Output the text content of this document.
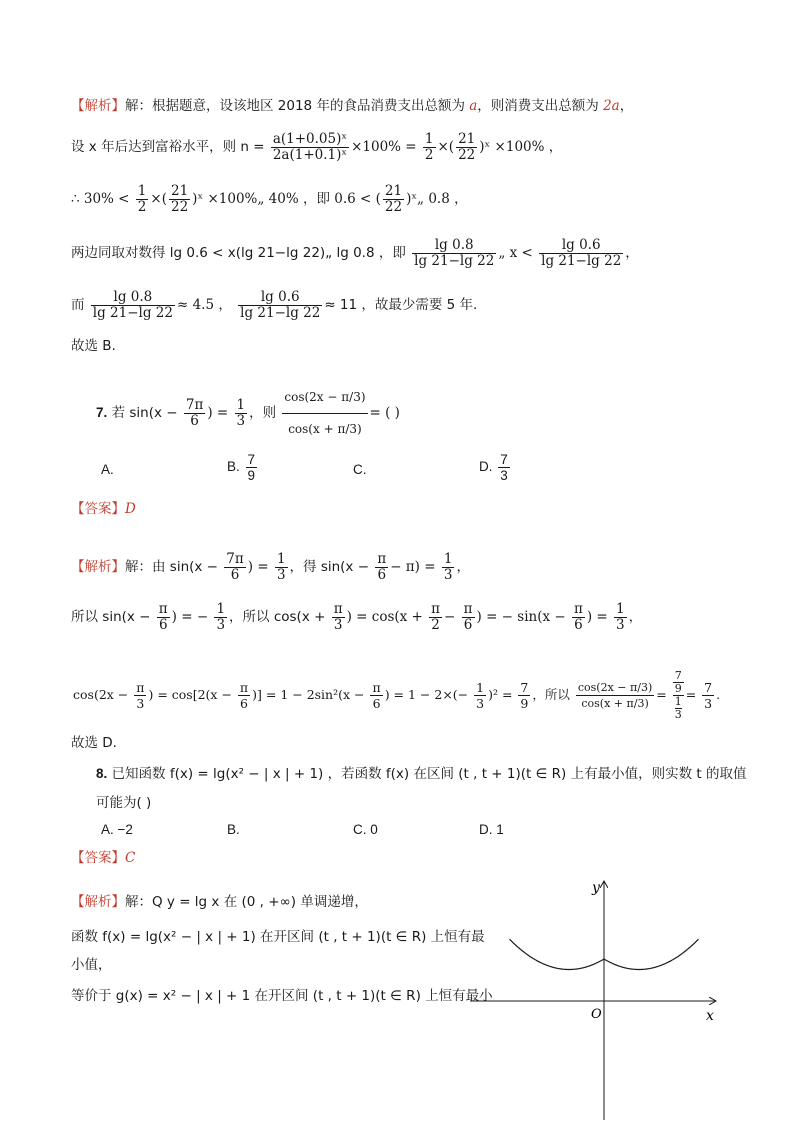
【解析】解：根据题意，设该地区 2018 年的食品消费支出总额为 a，则消费支出总额为 2a，
设 x 年后达到富裕水平，则 $n = \frac{\text{a(1+0.05)ˣ}}{\text{2a(1+0.1)ˣ}} \times 100\% = \frac{1}{2}$ ×( $\frac{21}{22}$ )ˣ ×100% ，
∴ $30\% < \frac{1}{2}$ ×( $\frac{21}{22}$ )ˣ ×100%„ 40% ，即 0.6 < ( $\frac{21}{22}$ )ˣ„ 0.8 ，
两边同取对数得 lg 0.6 < x(lg 21−lg 22)„ lg 0.8 ，即 $\frac{\lg 0.8}{\lg 21-\lg 22}$ „ $x < \frac{\lg 0.6}{\lg 21-\lg 22}$ ，
而 $\frac{\lg 0.8}{\lg 21-\lg 22} \approx 4.5$ ， $\frac{\lg 0.6}{\lg 21-\lg 22} \approx 11$ ，故最少需要 5 年.
故选 B.
7. 若 $\sin(x - \frac{7\pi}{6}$ ) = $\frac{1}{3}$ ，则 $\frac{\cos(2x - \pi/3)}{\cos(x + \pi/3)}$ = ( )
A.	B. $\frac{7}{9}$	C.	D. $\frac{7}{3}$
【答案】D
【解析】解：由 $\sin(x - \frac{7\pi}{6}$ ) = $\frac{1}{3}$ ，得 $\sin(x - \frac{\pi}{6} - \pi) = \frac{1}{3}$ ，
所以 $\sin(x - \frac{\pi}{6}$ ) = − $\frac{1}{3}$ ，所以 $\cos(x + \frac{\pi}{3}$ ) = $\cos(x + \frac{\pi}{2} - \frac{\pi}{6}$ ) = − $\sin(x - \frac{\pi}{6}$ ) = $\frac{1}{3}$ ，
$\cos(2x - \frac{\pi}{3}$ ) = $\cos[2(x - \frac{\pi}{6}$ )] = $1 - 2\sin^2(x - \frac{\pi}{6}$ ) = $1 - 2\times(- \frac{1}{3} )^2 = \frac{7}{9}$ ，所以 $\frac{\cos(2x - \pi/3)}{\cos(x + \pi/3)}$ =
7
9
1
3
= $\frac{7}{3}$ .
故选 D.
8. 已知函数 f(x) = lg(x² − | x | + 1) ，若函数 f(x) 在区间 (t , t + 1)(t ∈ R) 上有最小值，则实数 t 的取值
可能为( )
A. −2	B.	C. 0	D. 1
【答案】C
【解析】解：Q y = lg x 在 (0 , +∞) 单调递增，
函数 f(x) = lg(x² − | x | + 1) 在开区间 (t , t + 1)(t ∈ R) 上恒有最
小值，
等价于 g(x) = x² − | x | + 1 在开区间 (t , t + 1)(t ∈ R) 上恒有最小
y
x
O
